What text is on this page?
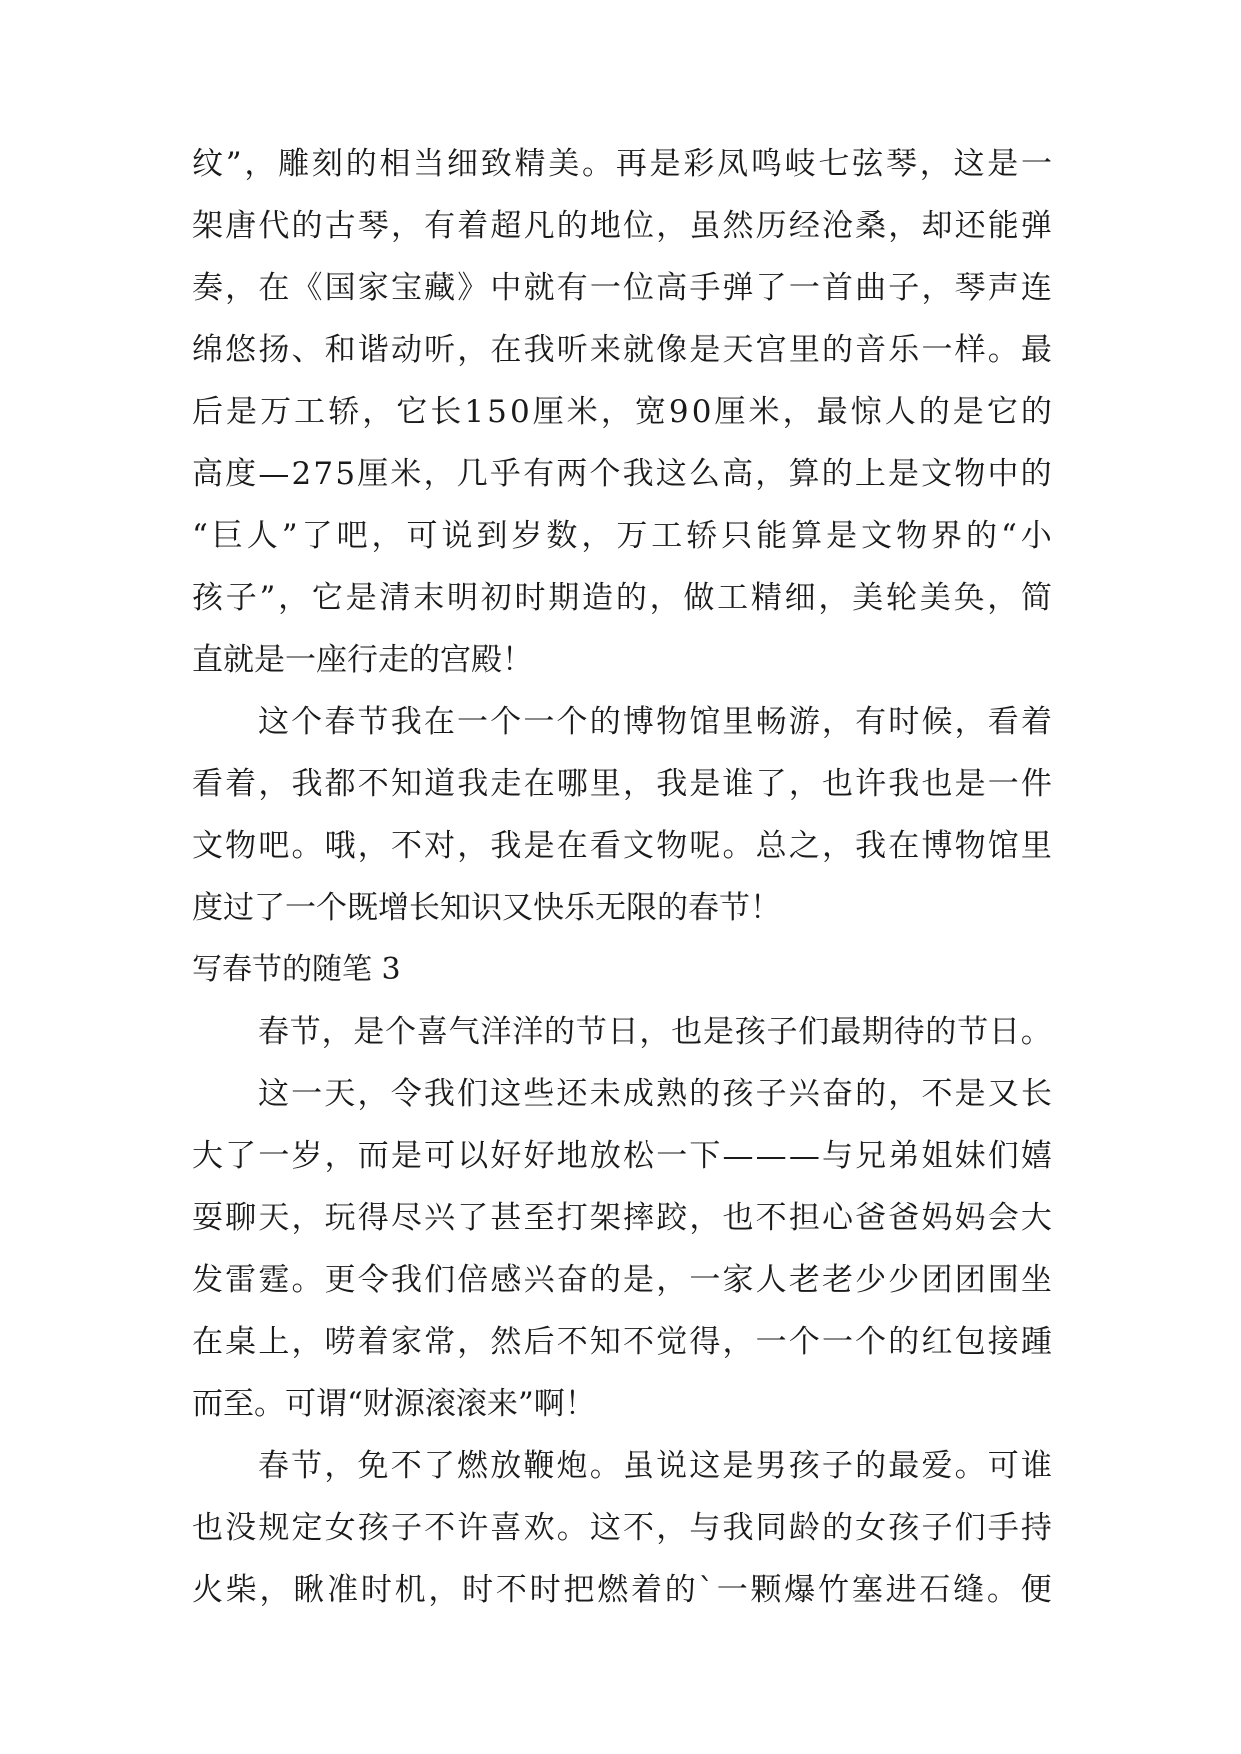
纹 ” ， 雕 刻 的 相 当 细 致 精 美 。 再 是 彩 凤 鸣 岐 七 弦 琴 ， 这 是 一
架 唐 代 的 古 琴 ， 有 着 超 凡 的 地 位 ， 虽 然 历 经 沧 桑 ， 却 还 能 弹
奏 ， 在 《 国 家 宝 藏 》 中 就 有 一 位 高 手 弹 了 一 首 曲 子 ， 琴 声 连
绵 悠 扬 、 和 谐 动 听 ， 在 我 听 来 就 像 是 天 宫 里 的 音 乐 一 样 。 最
后 是 万 工 轿 ， 它 长 1 5 0 厘 米 ， 宽 9 0 厘 米 ， 最 惊 人 的 是 它 的
高 度 — 2 7 5 厘 米 ， 几 乎 有 两 个 我 这 么 高 ， 算 的 上 是 文 物 中 的
“ 巨 人 ” 了 吧 ， 可 说 到 岁 数 ， 万 工 轿 只 能 算 是 文 物 界 的 “ 小
孩 子 ” ， 它 是 清 末 明 初 时 期 造 的 ， 做 工 精 细 ， 美 轮 美 奂 ， 简
直就是一座行走的宫殿！
这 个 春 节 我 在 一 个 一 个 的 博 物 馆 里 畅 游 ， 有 时 候 ， 看 着
看 着 ， 我 都 不 知 道 我 走 在 哪 里 ， 我 是 谁 了 ， 也 许 我 也 是 一 件
文 物 吧 。 哦 ， 不 对 ， 我 是 在 看 文 物 呢 。 总 之 ， 我 在 博 物 馆 里
度过了一个既增长知识又快乐无限的春节！
写春节的随笔 3
春 节 ， 是 个 喜 气 洋 洋 的 节 日 ， 也 是 孩 子 们 最 期 待 的 节 日 。
这 一 天 ， 令 我 们 这 些 还 未 成 熟 的 孩 子 兴 奋 的 ， 不 是 又 长
大 了 一 岁 ， 而 是 可 以 好 好 地 放 松 一 下 — — — 与 兄 弟 姐 妹 们 嬉
耍 聊 天 ， 玩 得 尽 兴 了 甚 至 打 架 摔 跤 ， 也 不 担 心 爸 爸 妈 妈 会 大
发 雷 霆 。 更 令 我 们 倍 感 兴 奋 的 是 ， 一 家 人 老 老 少 少 团 团 围 坐
在 桌 上 ， 唠 着 家 常 ， 然 后 不 知 不 觉 得 ， 一 个 一 个 的 红 包 接 踵
而至。可谓“财源滚滚来”啊！
春 节 ， 免 不 了 燃 放 鞭 炮 。 虽 说 这 是 男 孩 子 的 最 爱 。 可 谁
也 没 规 定 女 孩 子 不 许 喜 欢 。 这 不 ， 与 我 同 龄 的 女 孩 子 们 手 持
火 柴 ， 瞅 准 时 机 ， 时 不 时 把 燃 着 的 ` 一 颗 爆 竹 塞 进 石 缝 。 便
